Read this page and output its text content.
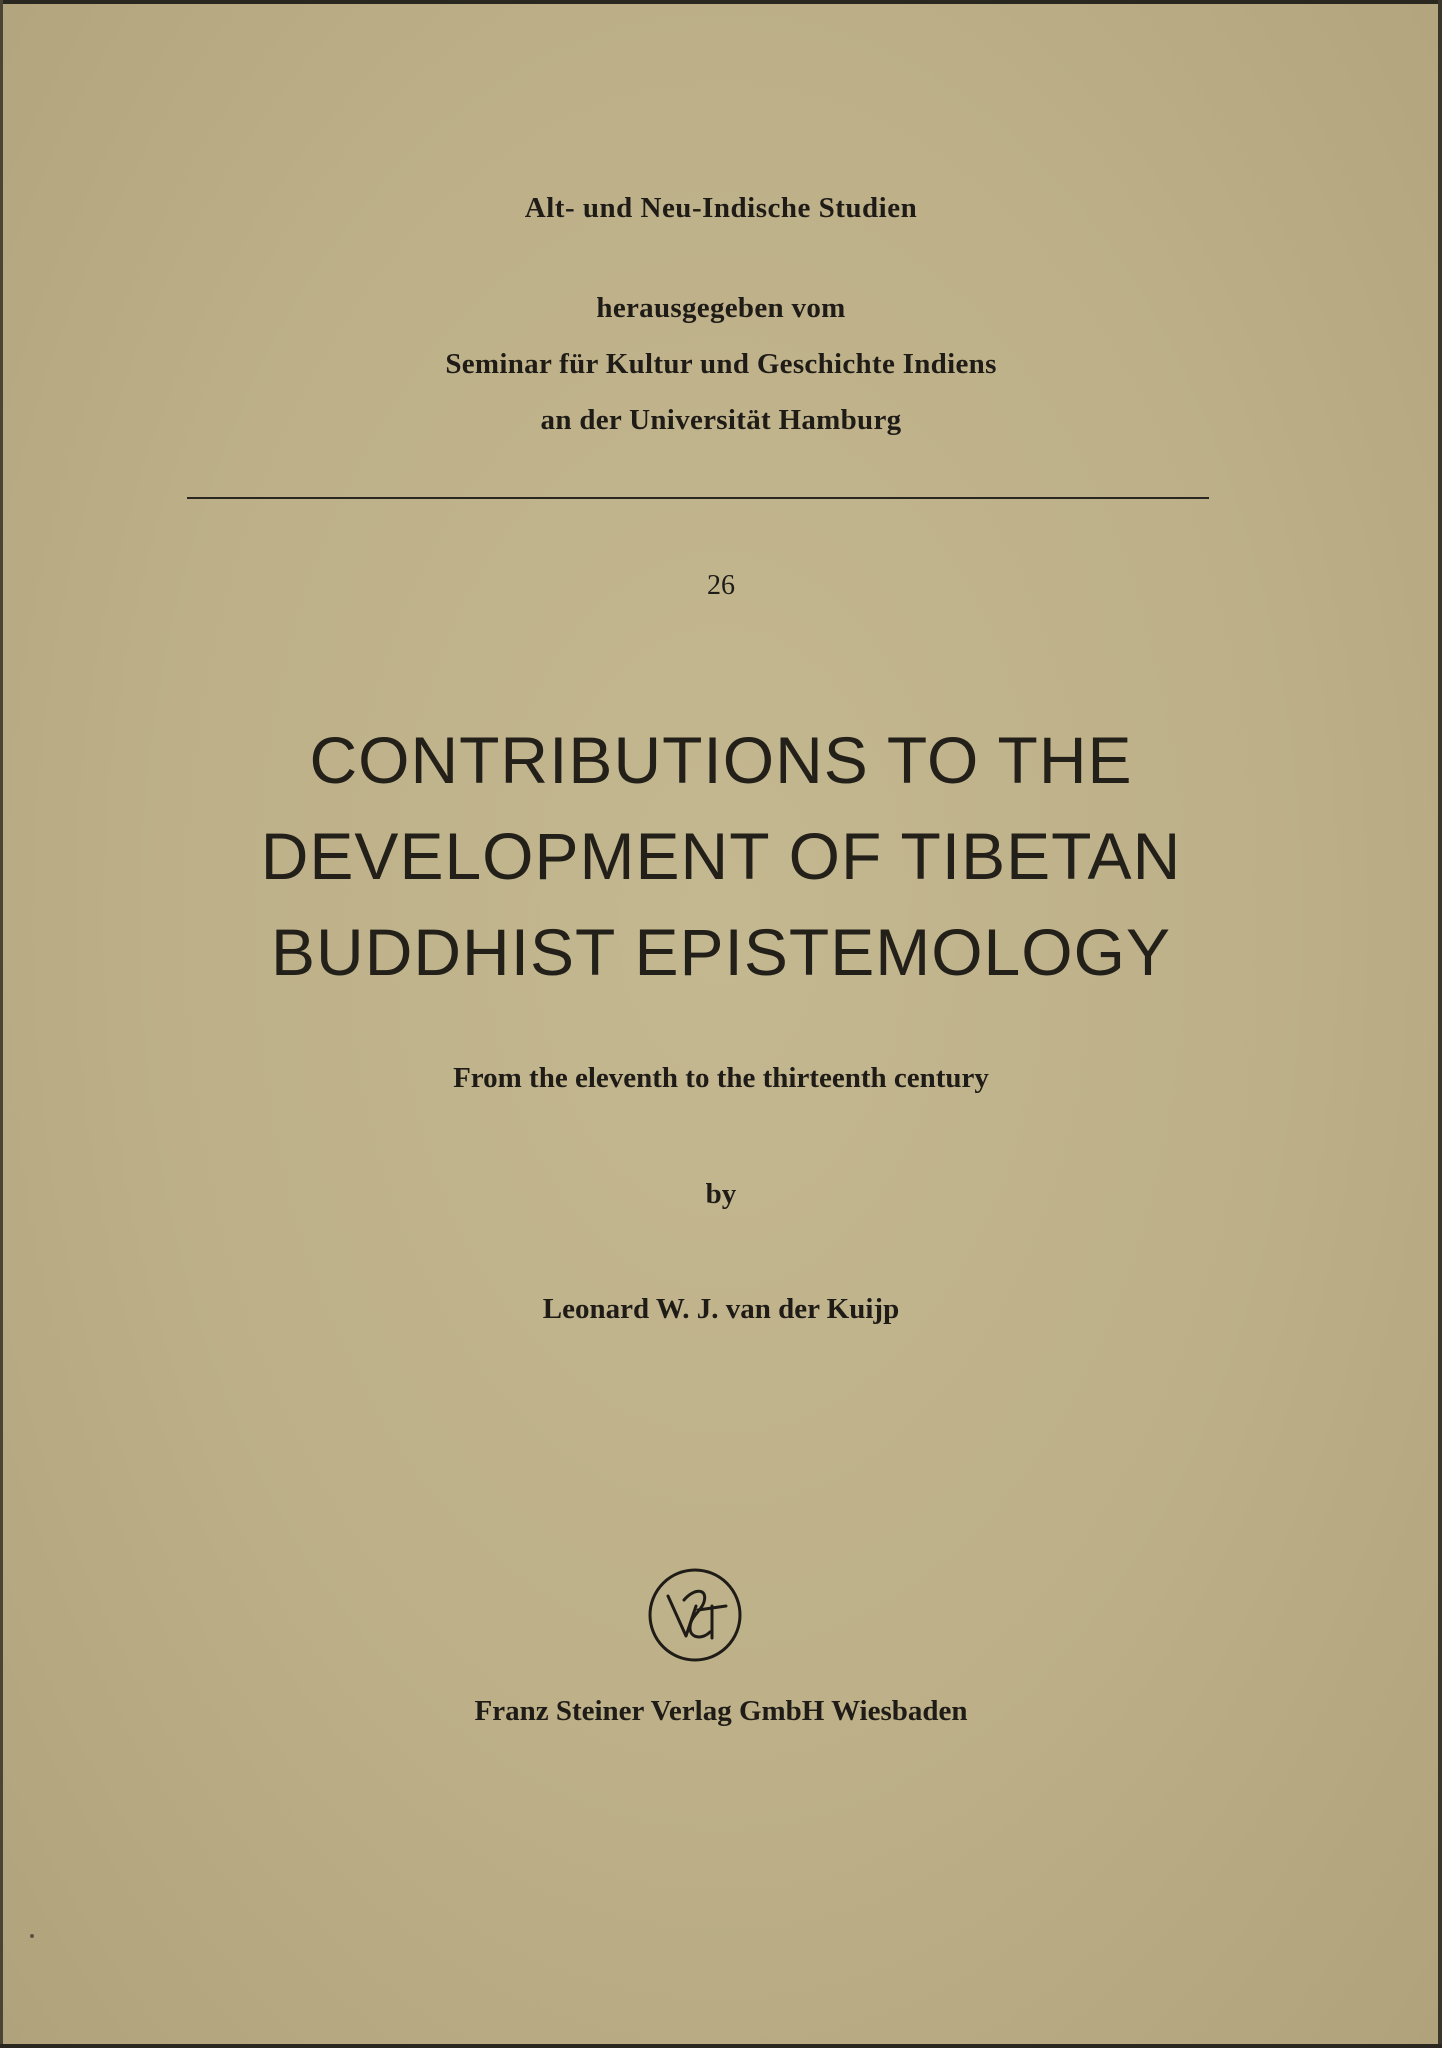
Alt- und Neu-Indische Studien
herausgegeben vom
Seminar für Kultur und Geschichte Indiens
an der Universität Hamburg
26
CONTRIBUTIONS TO THE
DEVELOPMENT OF TIBETAN
BUDDHIST EPISTEMOLOGY
From the eleventh to the thirteenth century
by
Leonard W. J. van der Kuijp
Franz Steiner Verlag GmbH Wiesbaden
